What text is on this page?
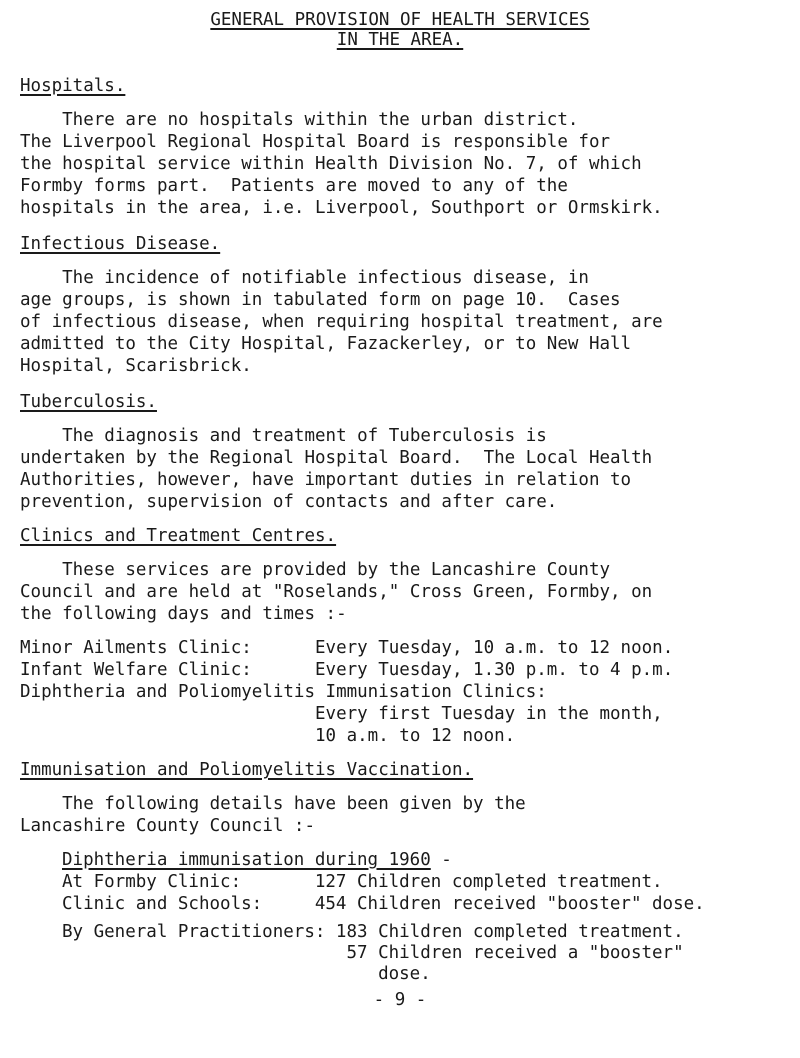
GENERAL PROVISION OF HEALTH SERVICES
IN THE AREA.
Hospitals.
There are no hospitals within the urban district.
The Liverpool Regional Hospital Board is responsible for
the hospital service within Health Division No. 7, of which
Formby forms part.  Patients are moved to any of the
hospitals in the area, i.e. Liverpool, Southport or Ormskirk.
Infectious Disease.
The incidence of notifiable infectious disease, in
age groups, is shown in tabulated form on page 10.  Cases
of infectious disease, when requiring hospital treatment, are
admitted to the City Hospital, Fazackerley, or to New Hall
Hospital, Scarisbrick.
Tuberculosis.
The diagnosis and treatment of Tuberculosis is
undertaken by the Regional Hospital Board.  The Local Health
Authorities, however, have important duties in relation to
prevention, supervision of contacts and after care.
Clinics and Treatment Centres.
These services are provided by the Lancashire County
Council and are held at "Roselands," Cross Green, Formby, on
the following days and times :-
Minor Ailments Clinic:      Every Tuesday, 10 a.m. to 12 noon.
Infant Welfare Clinic:      Every Tuesday, 1.30 p.m. to 4 p.m.
Diphtheria and Poliomyelitis Immunisation Clinics:
Every first Tuesday in the month,
10 a.m. to 12 noon.
Immunisation and Poliomyelitis Vaccination.
The following details have been given by the
Lancashire County Council :-
Diphtheria immunisation during 1960 -
At Formby Clinic:       127 Children completed treatment.
Clinic and Schools:     454 Children received "booster" dose.
By General Practitioners: 183 Children completed treatment.
57 Children received a "booster"
dose.
- 9 -
